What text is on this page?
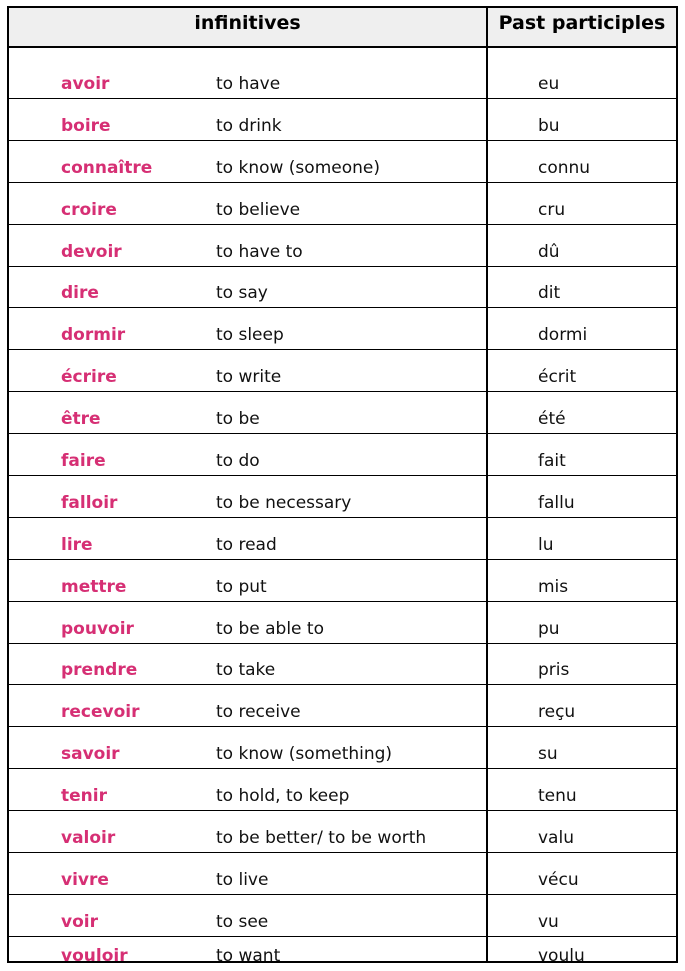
infinitives	Past participles
avoir	to have	eu
boire	to drink	bu
connaître	to know (someone)	connu
croire	to believe	cru
devoir	to have to	dû
dire	to say	dit
dormir	to sleep	dormi
écrire	to write	écrit
être	to be	été
faire	to do	fait
falloir	to be necessary	fallu
lire	to read	lu
mettre	to put	mis
pouvoir	to be able to	pu
prendre	to take	pris
recevoir	to receive	reçu
savoir	to know (something)	su
tenir	to hold, to keep	tenu
valoir	to be better/ to be worth	valu
vivre	to live	vécu
voir	to see	vu
vouloir	to want	voulu
